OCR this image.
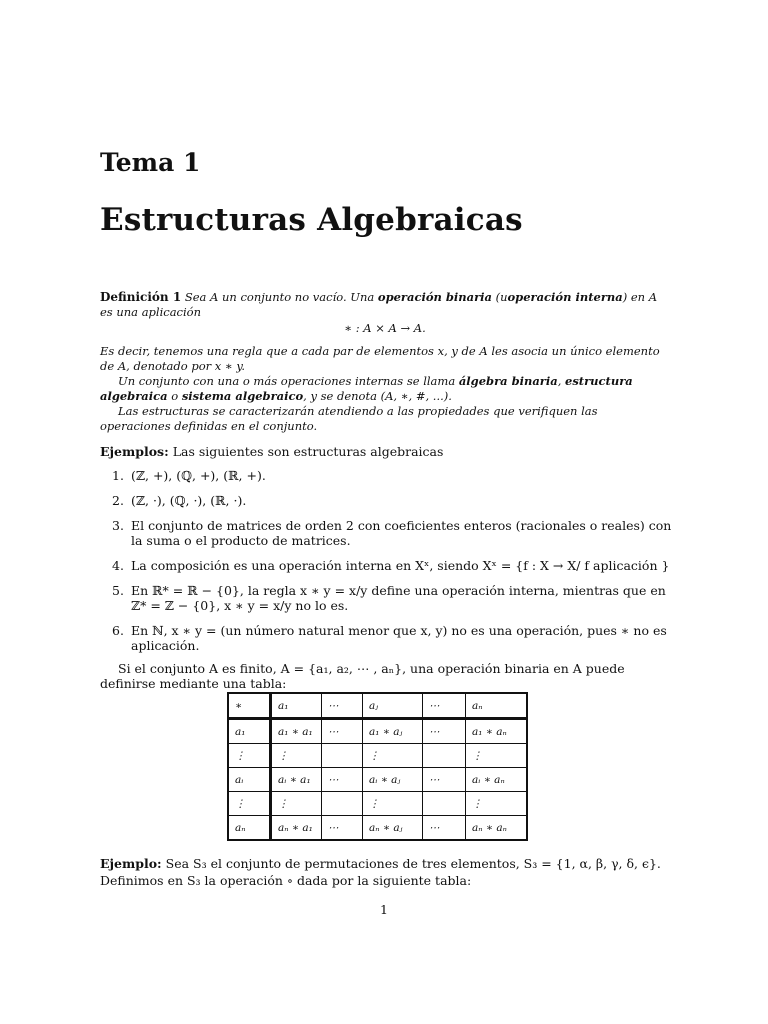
Tema 1
Estructuras Algebraicas
Definición 1 Sea A un conjunto no vacío. Una operación binaria (uoperación interna) en A es una aplicación
∗ : A × A → A.
Es decir, tenemos una regla que a cada par de elementos x, y de A les asocia un único elemento de A, denotado por x ∗ y.
Un conjunto con una o más operaciones internas se llama álgebra binaria, estructura algebraica o sistema algebraico, y se denota (A, ∗, #, ...).
Las estructuras se caracterizarán atendiendo a las propiedades que verifiquen las operaciones definidas en el conjunto.
Ejemplos: Las siguientes son estructuras algebraicas
1. (ℤ, +), (ℚ, +), (ℝ, +).
2. (ℤ, ·), (ℚ, ·), (ℝ, ·).
3. El conjunto de matrices de orden 2 con coeficientes enteros (racionales o reales) con la suma o el producto de matrices.
4. La composición es una operación interna en Xˣ, siendo Xˣ = {f : X → X/ f aplicación }
5. En ℝ* = ℝ − {0}, la regla x ∗ y = x/y define una operación interna, mientras que en ℤ* = ℤ − {0}, x ∗ y = x/y no lo es.
6. En ℕ, x ∗ y = (un número natural menor que x, y) no es una operación, pues ∗ no es aplicación.
Si el conjunto A es finito, A = {a₁, a₂, ⋯ , aₙ}, una operación binaria en A puede definirse mediante una tabla:
∗	a₁	⋯	aⱼ	⋯	aₙ
a₁	a₁ ∗ a₁	⋯	a₁ ∗ aⱼ	⋯	a₁ ∗ aₙ
⋮	⋮		⋮		⋮
aᵢ	aᵢ ∗ a₁	⋯	aᵢ ∗ aⱼ	⋯	aᵢ ∗ aₙ
⋮	⋮		⋮		⋮
aₙ	aₙ ∗ a₁	⋯	aₙ ∗ aⱼ	⋯	aₙ ∗ aₙ
Ejemplo: Sea S₃ el conjunto de permutaciones de tres elementos, S₃ = {1, α, β, γ, δ, ϵ}. Definimos en S₃ la operación ∘ dada por la siguiente tabla:
1
